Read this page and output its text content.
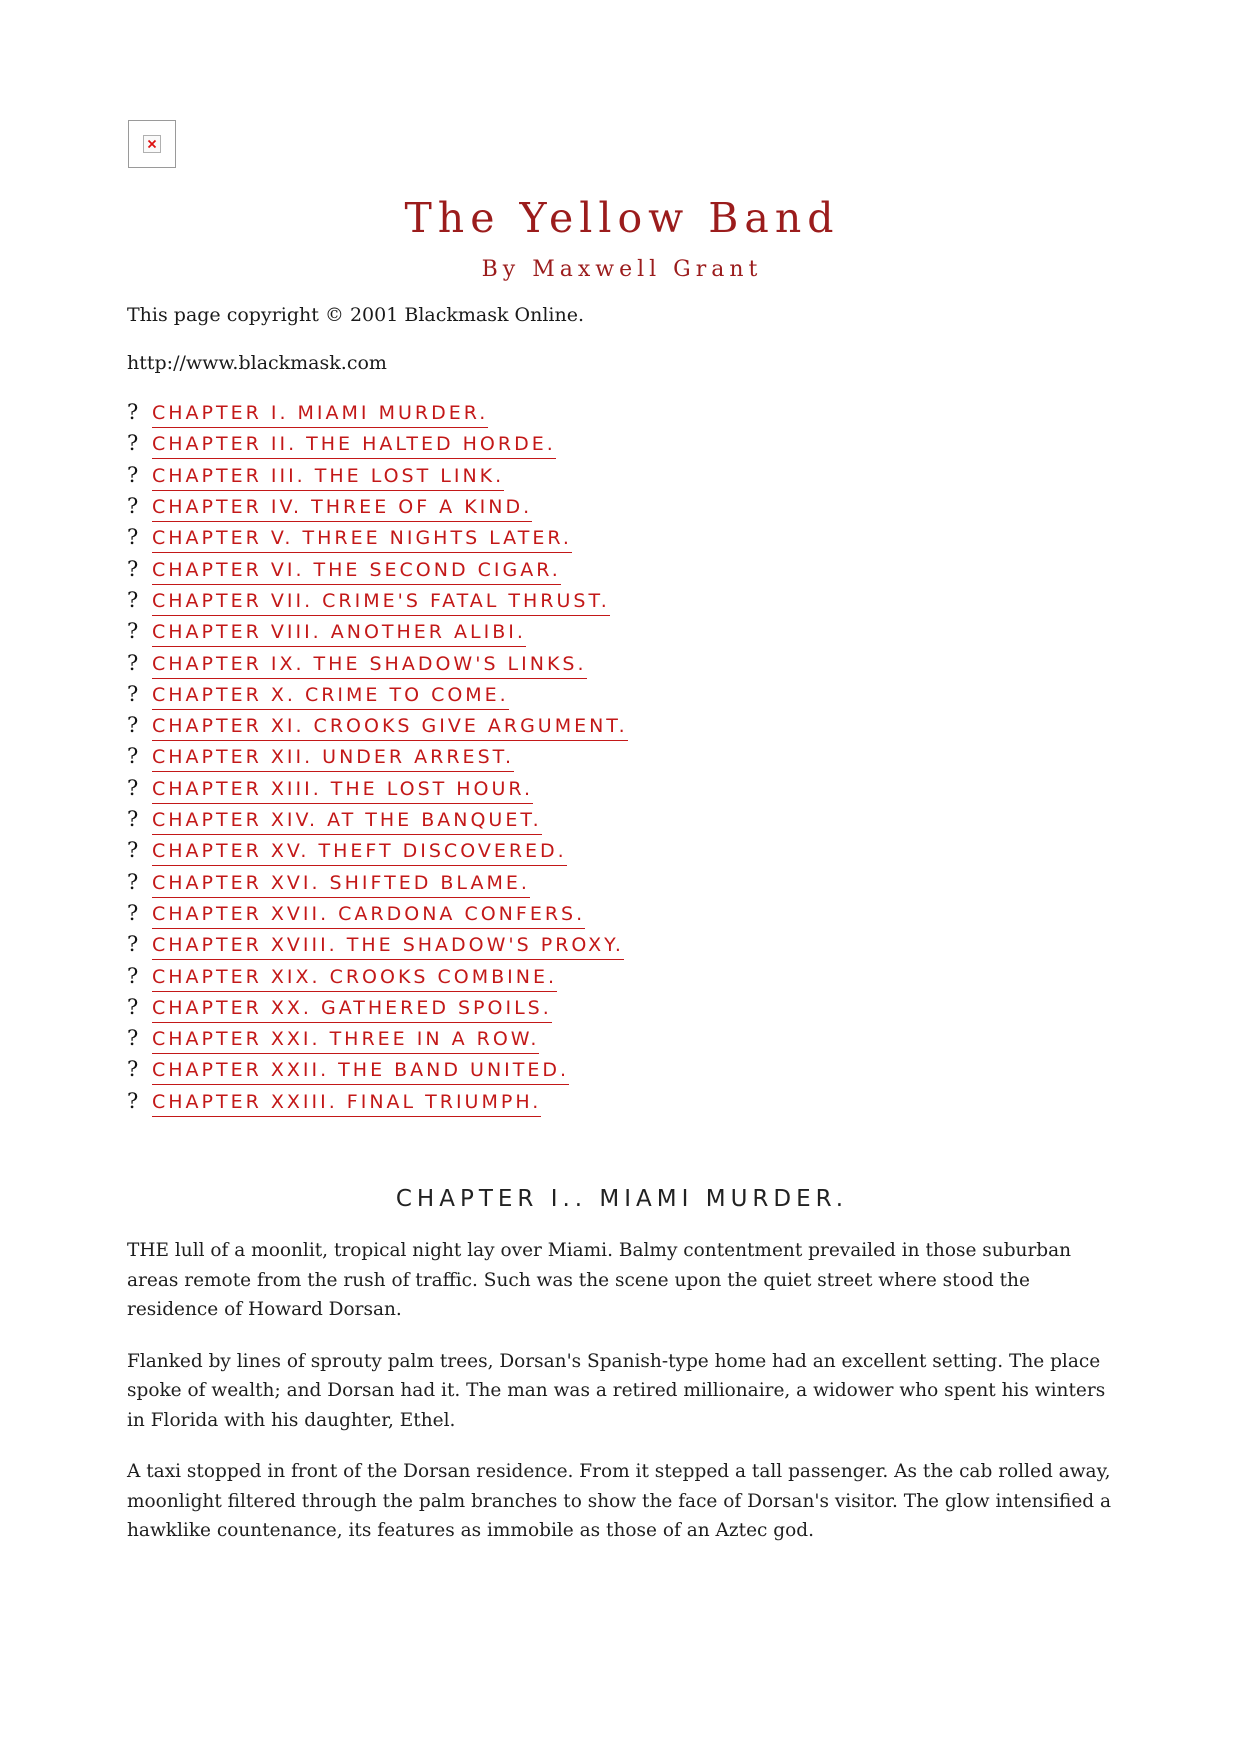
The Yellow Band
By Maxwell Grant

This page copyright © 2001 Blackmask Online.

http://www.blackmask.com

? CHAPTER I. MIAMI MURDER.
? CHAPTER II. THE HALTED HORDE.
? CHAPTER III. THE LOST LINK.
? CHAPTER IV. THREE OF A KIND.
? CHAPTER V. THREE NIGHTS LATER.
? CHAPTER VI. THE SECOND CIGAR.
? CHAPTER VII. CRIME'S FATAL THRUST.
? CHAPTER VIII. ANOTHER ALIBI.
? CHAPTER IX. THE SHADOW'S LINKS.
? CHAPTER X. CRIME TO COME.
? CHAPTER XI. CROOKS GIVE ARGUMENT.
? CHAPTER XII. UNDER ARREST.
? CHAPTER XIII. THE LOST HOUR.
? CHAPTER XIV. AT THE BANQUET.
? CHAPTER XV. THEFT DISCOVERED.
? CHAPTER XVI. SHIFTED BLAME.
? CHAPTER XVII. CARDONA CONFERS.
? CHAPTER XVIII. THE SHADOW'S PROXY.
? CHAPTER XIX. CROOKS COMBINE.
? CHAPTER XX. GATHERED SPOILS.
? CHAPTER XXI. THREE IN A ROW.
? CHAPTER XXII. THE BAND UNITED.
? CHAPTER XXIII. FINAL TRIUMPH.
CHAPTER I.. MIAMI MURDER.

THE lull of a moonlit, tropical night lay over Miami. Balmy contentment prevailed in those suburban areas remote from the rush of traffic. Such was the scene upon the quiet street where stood the residence of Howard Dorsan.

Flanked by lines of sprouty palm trees, Dorsan's Spanish-type home had an excellent setting. The place spoke of wealth; and Dorsan had it. The man was a retired millionaire, a widower who spent his winters in Florida with his daughter, Ethel.

A taxi stopped in front of the Dorsan residence. From it stepped a tall passenger. As the cab rolled away, moonlight filtered through the palm branches to show the face of Dorsan's visitor. The glow intensified a hawklike countenance, its features as immobile as those of an Aztec god.
